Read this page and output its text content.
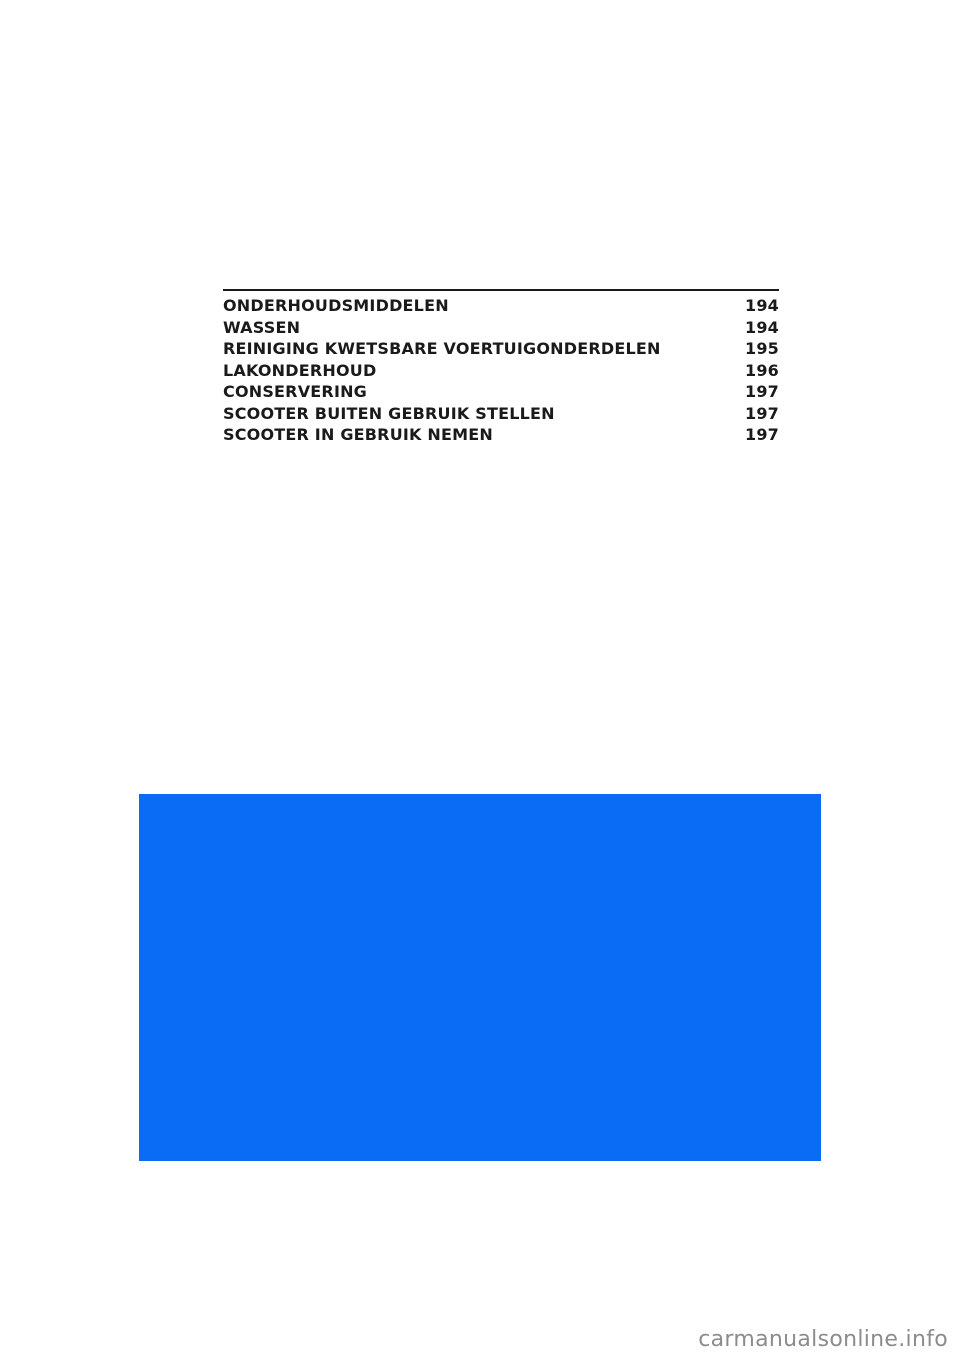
ONDERHOUDSMIDDELEN	194
WASSEN	194
REINIGING KWETSBARE VOERTUIGONDERDELEN	195
LAKONDERHOUD	196
CONSERVERING	197
SCOOTER BUITEN GEBRUIK STELLEN	197
SCOOTER IN GEBRUIK NEMEN	197
carmanualsonline.info
